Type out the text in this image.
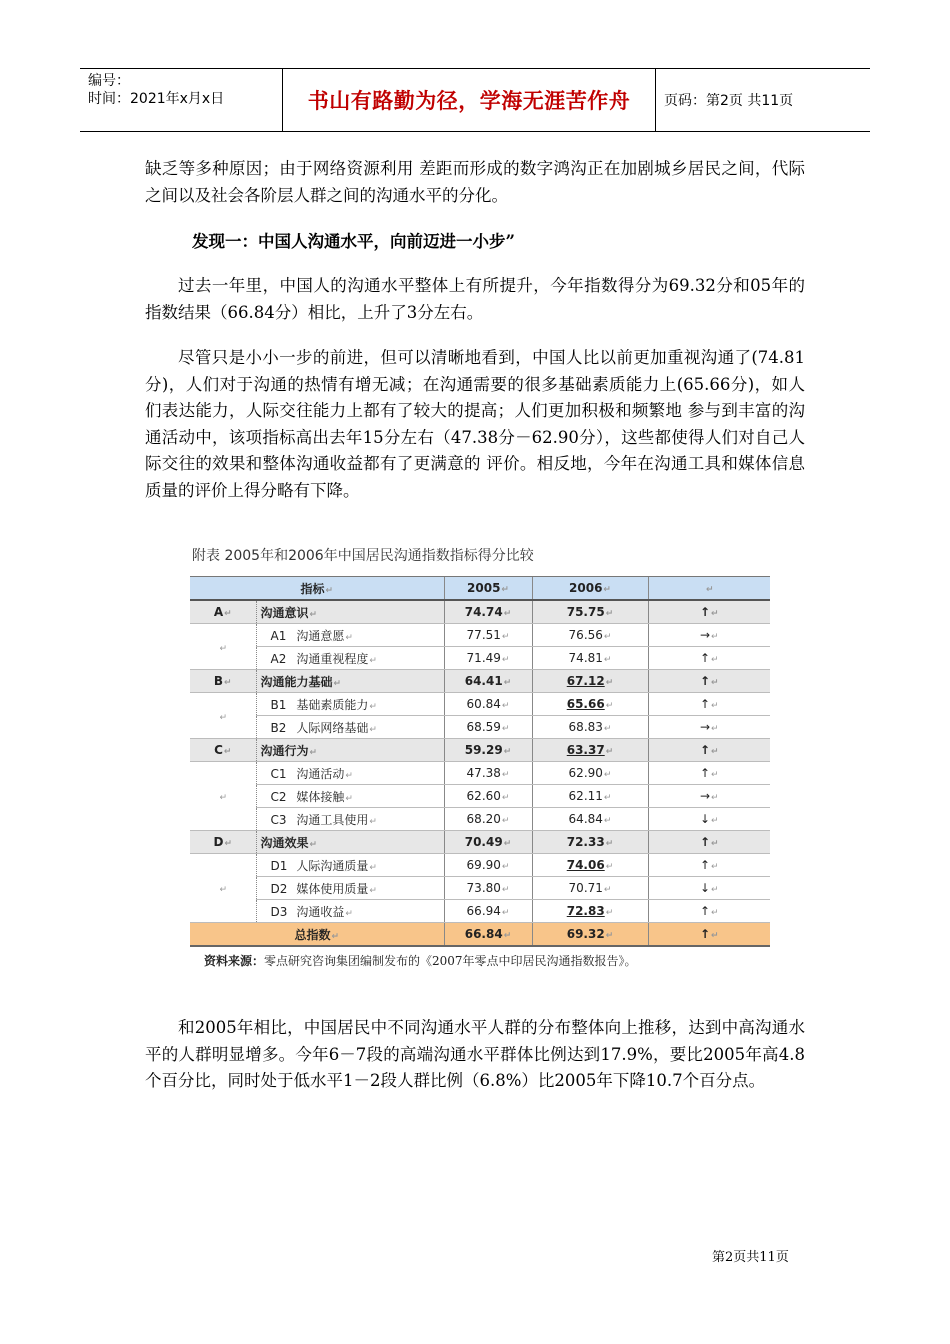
编号：
时间：2021年x月x日	书山有路勤为径，学海无涯苦作舟	页码：第2页 共11页

缺乏等多种原因；由于网络资源利用 差距而形成的数字鸿沟正在加剧城乡居民之间，代际之间以及社会各阶层人群之间的沟通水平的分化。

发现一：中国人沟通水平，向前迈进一小步”

过去一年里，中国人的沟通水平整体上有所提升，今年指数得分为69.32分和05年的指数结果（66.84分）相比，上升了3分左右。

尽管只是小小一步的前进，但可以清晰地看到，中国人比以前更加重视沟通了(74.81分)，人们对于沟通的热情有增无减；在沟通需要的很多基础素质能力上(65.66分)，如人们表达能力，人际交往能力上都有了较大的提高；人们更加积极和频繁地 参与到丰富的沟通活动中，该项指标高出去年15分左右（47.38分－62.90分），这些都使得人们对自己人际交往的效果和整体沟通收益都有了更满意的 评价。相反地，今年在沟通工具和媒体信息质量的评价上得分略有下降。

附表 2005年和2006年中国居民沟通指数指标得分比较
指标↵		2005↵	2006↵	↵
A↵	沟通意识↵	74.74↵	75.75↵	↑↵
↵	A1 沟通意愿↵	77.51↵	76.56↵	→↵
	A2 沟通重视程度↵	71.49↵	74.81↵	↑↵
B↵	沟通能力基础↵	64.41↵	67.12↵	↑↵
↵	B1 基础素质能力↵	60.84↵	65.66↵	↑↵
	B2 人际网络基础↵	68.59↵	68.83↵	→↵
C↵	沟通行为↵	59.29↵	63.37↵	↑↵
↵	C1 沟通活动↵	47.38↵	62.90↵	↑↵
	C2 媒体接触↵	62.60↵	62.11↵	→↵
	C3 沟通工具使用↵	68.20↵	64.84↵	↓↵
D↵	沟通效果↵	70.49↵	72.33↵	↑↵
↵	D1 人际沟通质量↵	69.90↵	74.06↵	↑↵
	D2 媒体使用质量↵	73.80↵	70.71↵	↓↵
	D3 沟通收益↵	66.94↵	72.83↵	↑↵
总指数↵		66.84↵	69.32↵	↑↵
资料来源：零点研究咨询集团编制发布的《2007年零点中印居民沟通指数报告》。

和2005年相比，中国居民中不同沟通水平人群的分布整体向上推移，达到中高沟通水平的人群明显增多。今年6－7段的高端沟通水平群体比例达到17.9%，要比2005年高4.8个百分比，同时处于低水平1－2段人群比例（6.8%）比2005年下降10.7个百分点。

第2页共11页
